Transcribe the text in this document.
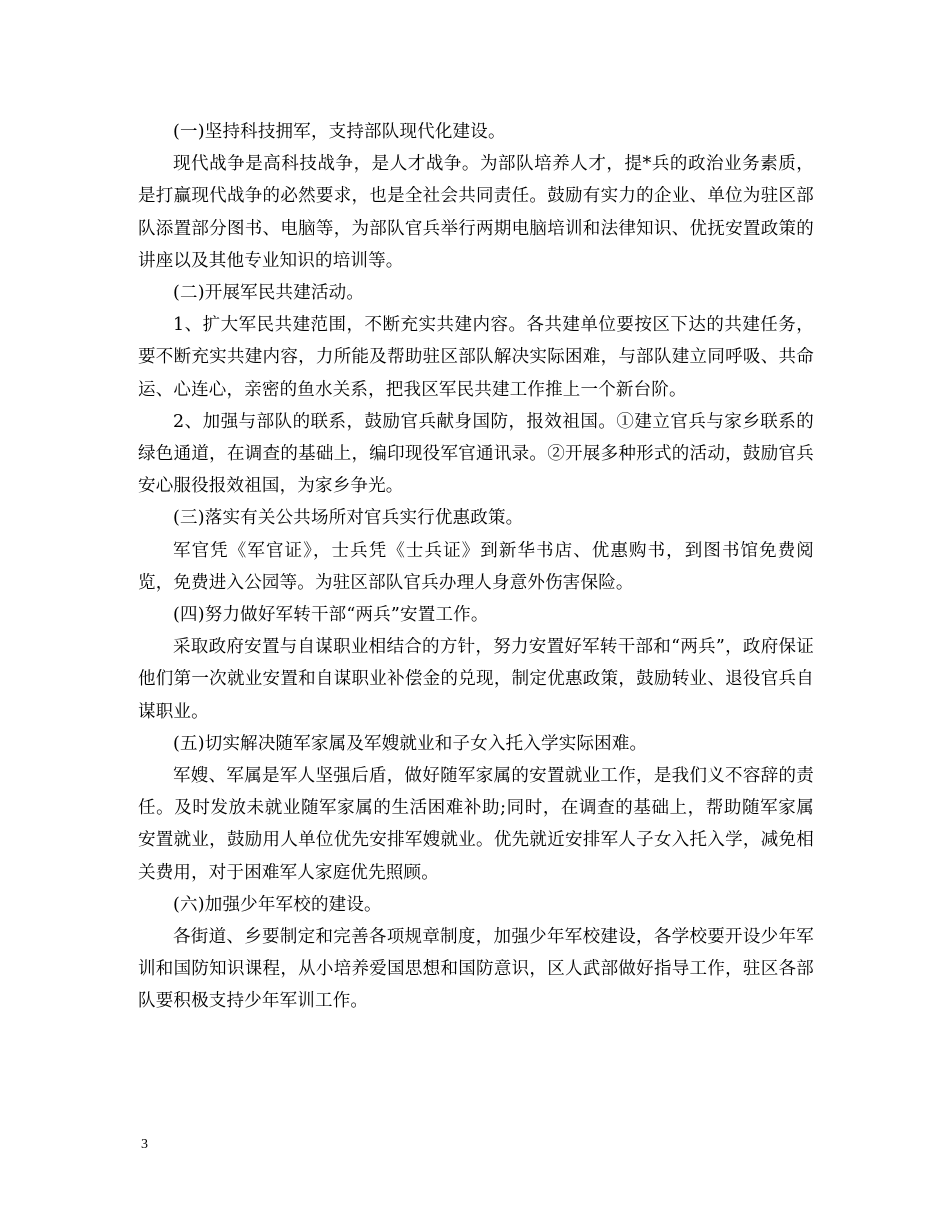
(一)坚持科技拥军，支持部队现代化建设。

现代战争是高科技战争，是人才战争。为部队培养人才，提*兵的政治业务素质，是打赢现代战争的必然要求，也是全社会共同责任。鼓励有实力的企业、单位为驻区部队添置部分图书、电脑等，为部队官兵举行两期电脑培训和法律知识、优抚安置政策的讲座以及其他专业知识的培训等。

(二)开展军民共建活动。

1、扩大军民共建范围，不断充实共建内容。各共建单位要按区下达的共建任务，要不断充实共建内容，力所能及帮助驻区部队解决实际困难，与部队建立同呼吸、共命运、心连心，亲密的鱼水关系，把我区军民共建工作推上一个新台阶。

2、加强与部队的联系，鼓励官兵献身国防，报效祖国。①建立官兵与家乡联系的绿色通道，在调查的基础上，编印现役军官通讯录。②开展多种形式的活动，鼓励官兵安心服役报效祖国，为家乡争光。

(三)落实有关公共场所对官兵实行优惠政策。

军官凭《军官证》，士兵凭《士兵证》到新华书店、优惠购书，到图书馆免费阅览，免费进入公园等。为驻区部队官兵办理人身意外伤害保险。

(四)努力做好军转干部“两兵”安置工作。

采取政府安置与自谋职业相结合的方针，努力安置好军转干部和“两兵”，政府保证他们第一次就业安置和自谋职业补偿金的兑现，制定优惠政策，鼓励转业、退役官兵自谋职业。

(五)切实解决随军家属及军嫂就业和子女入托入学实际困难。

军嫂、军属是军人坚强后盾，做好随军家属的安置就业工作，是我们义不容辞的责任。及时发放未就业随军家属的生活困难补助;同时，在调查的基础上，帮助随军家属安置就业，鼓励用人单位优先安排军嫂就业。优先就近安排军人子女入托入学，减免相关费用，对于困难军人家庭优先照顾。

(六)加强少年军校的建设。

各街道、乡要制定和完善各项规章制度，加强少年军校建设，各学校要开设少年军训和国防知识课程，从小培养爱国思想和国防意识，区人武部做好指导工作，驻区各部队要积极支持少年军训工作。

3
